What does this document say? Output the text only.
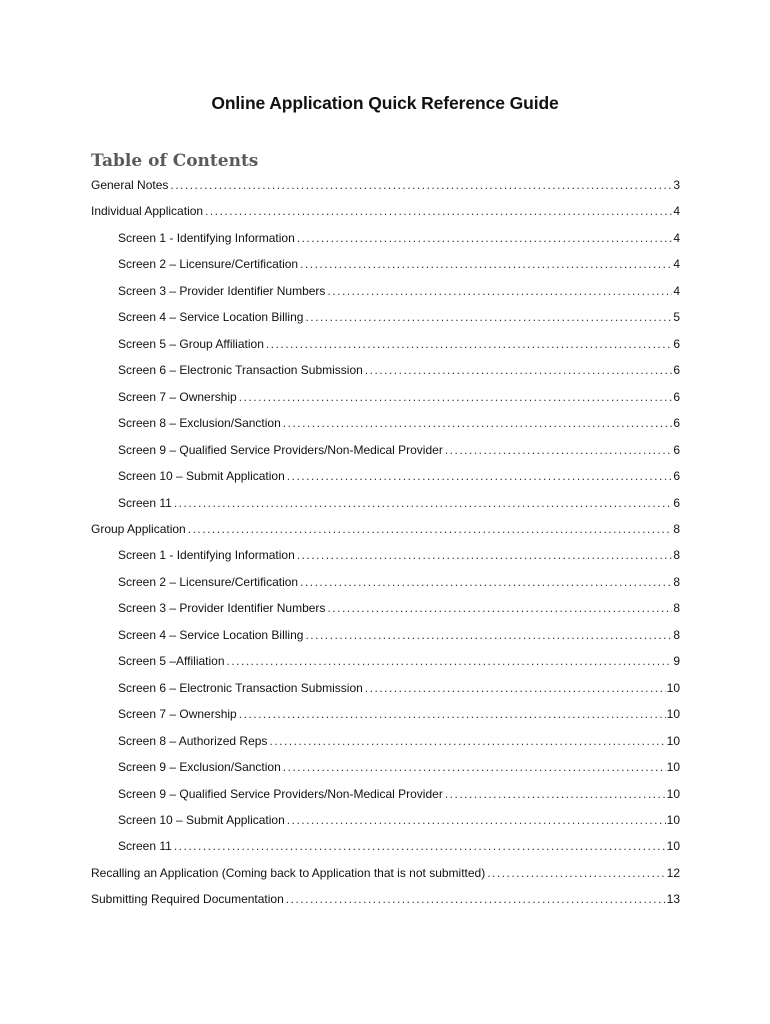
Online Application Quick Reference Guide
Table of Contents
General Notes .....	3
Individual Application .....	4
Screen 1 - Identifying Information .....	4
Screen 2 – Licensure/Certification .....	4
Screen 3 – Provider Identifier Numbers .....	4
Screen 4 – Service Location Billing .....	5
Screen 5 – Group Affiliation .....	6
Screen 6 – Electronic Transaction Submission .....	6
Screen 7 – Ownership .....	6
Screen 8 – Exclusion/Sanction .....	6
Screen 9 – Qualified Service Providers/Non-Medical Provider .....	6
Screen 10 – Submit Application .....	6
Screen 11 .....	6
Group Application .....	8
Screen 1 - Identifying Information .....	8
Screen 2 – Licensure/Certification .....	8
Screen 3 – Provider Identifier Numbers .....	8
Screen 4 – Service Location Billing .....	8
Screen 5 –Affiliation .....	9
Screen 6 – Electronic Transaction Submission .....	10
Screen 7 – Ownership .....	10
Screen 8 – Authorized Reps .....	10
Screen 9 – Exclusion/Sanction .....	10
Screen 9 – Qualified Service Providers/Non-Medical Provider .....	10
Screen 10 – Submit Application .....	10
Screen 11 .....	10
Recalling an Application (Coming back to Application that is not submitted) .....	12
Submitting Required Documentation .....	13
